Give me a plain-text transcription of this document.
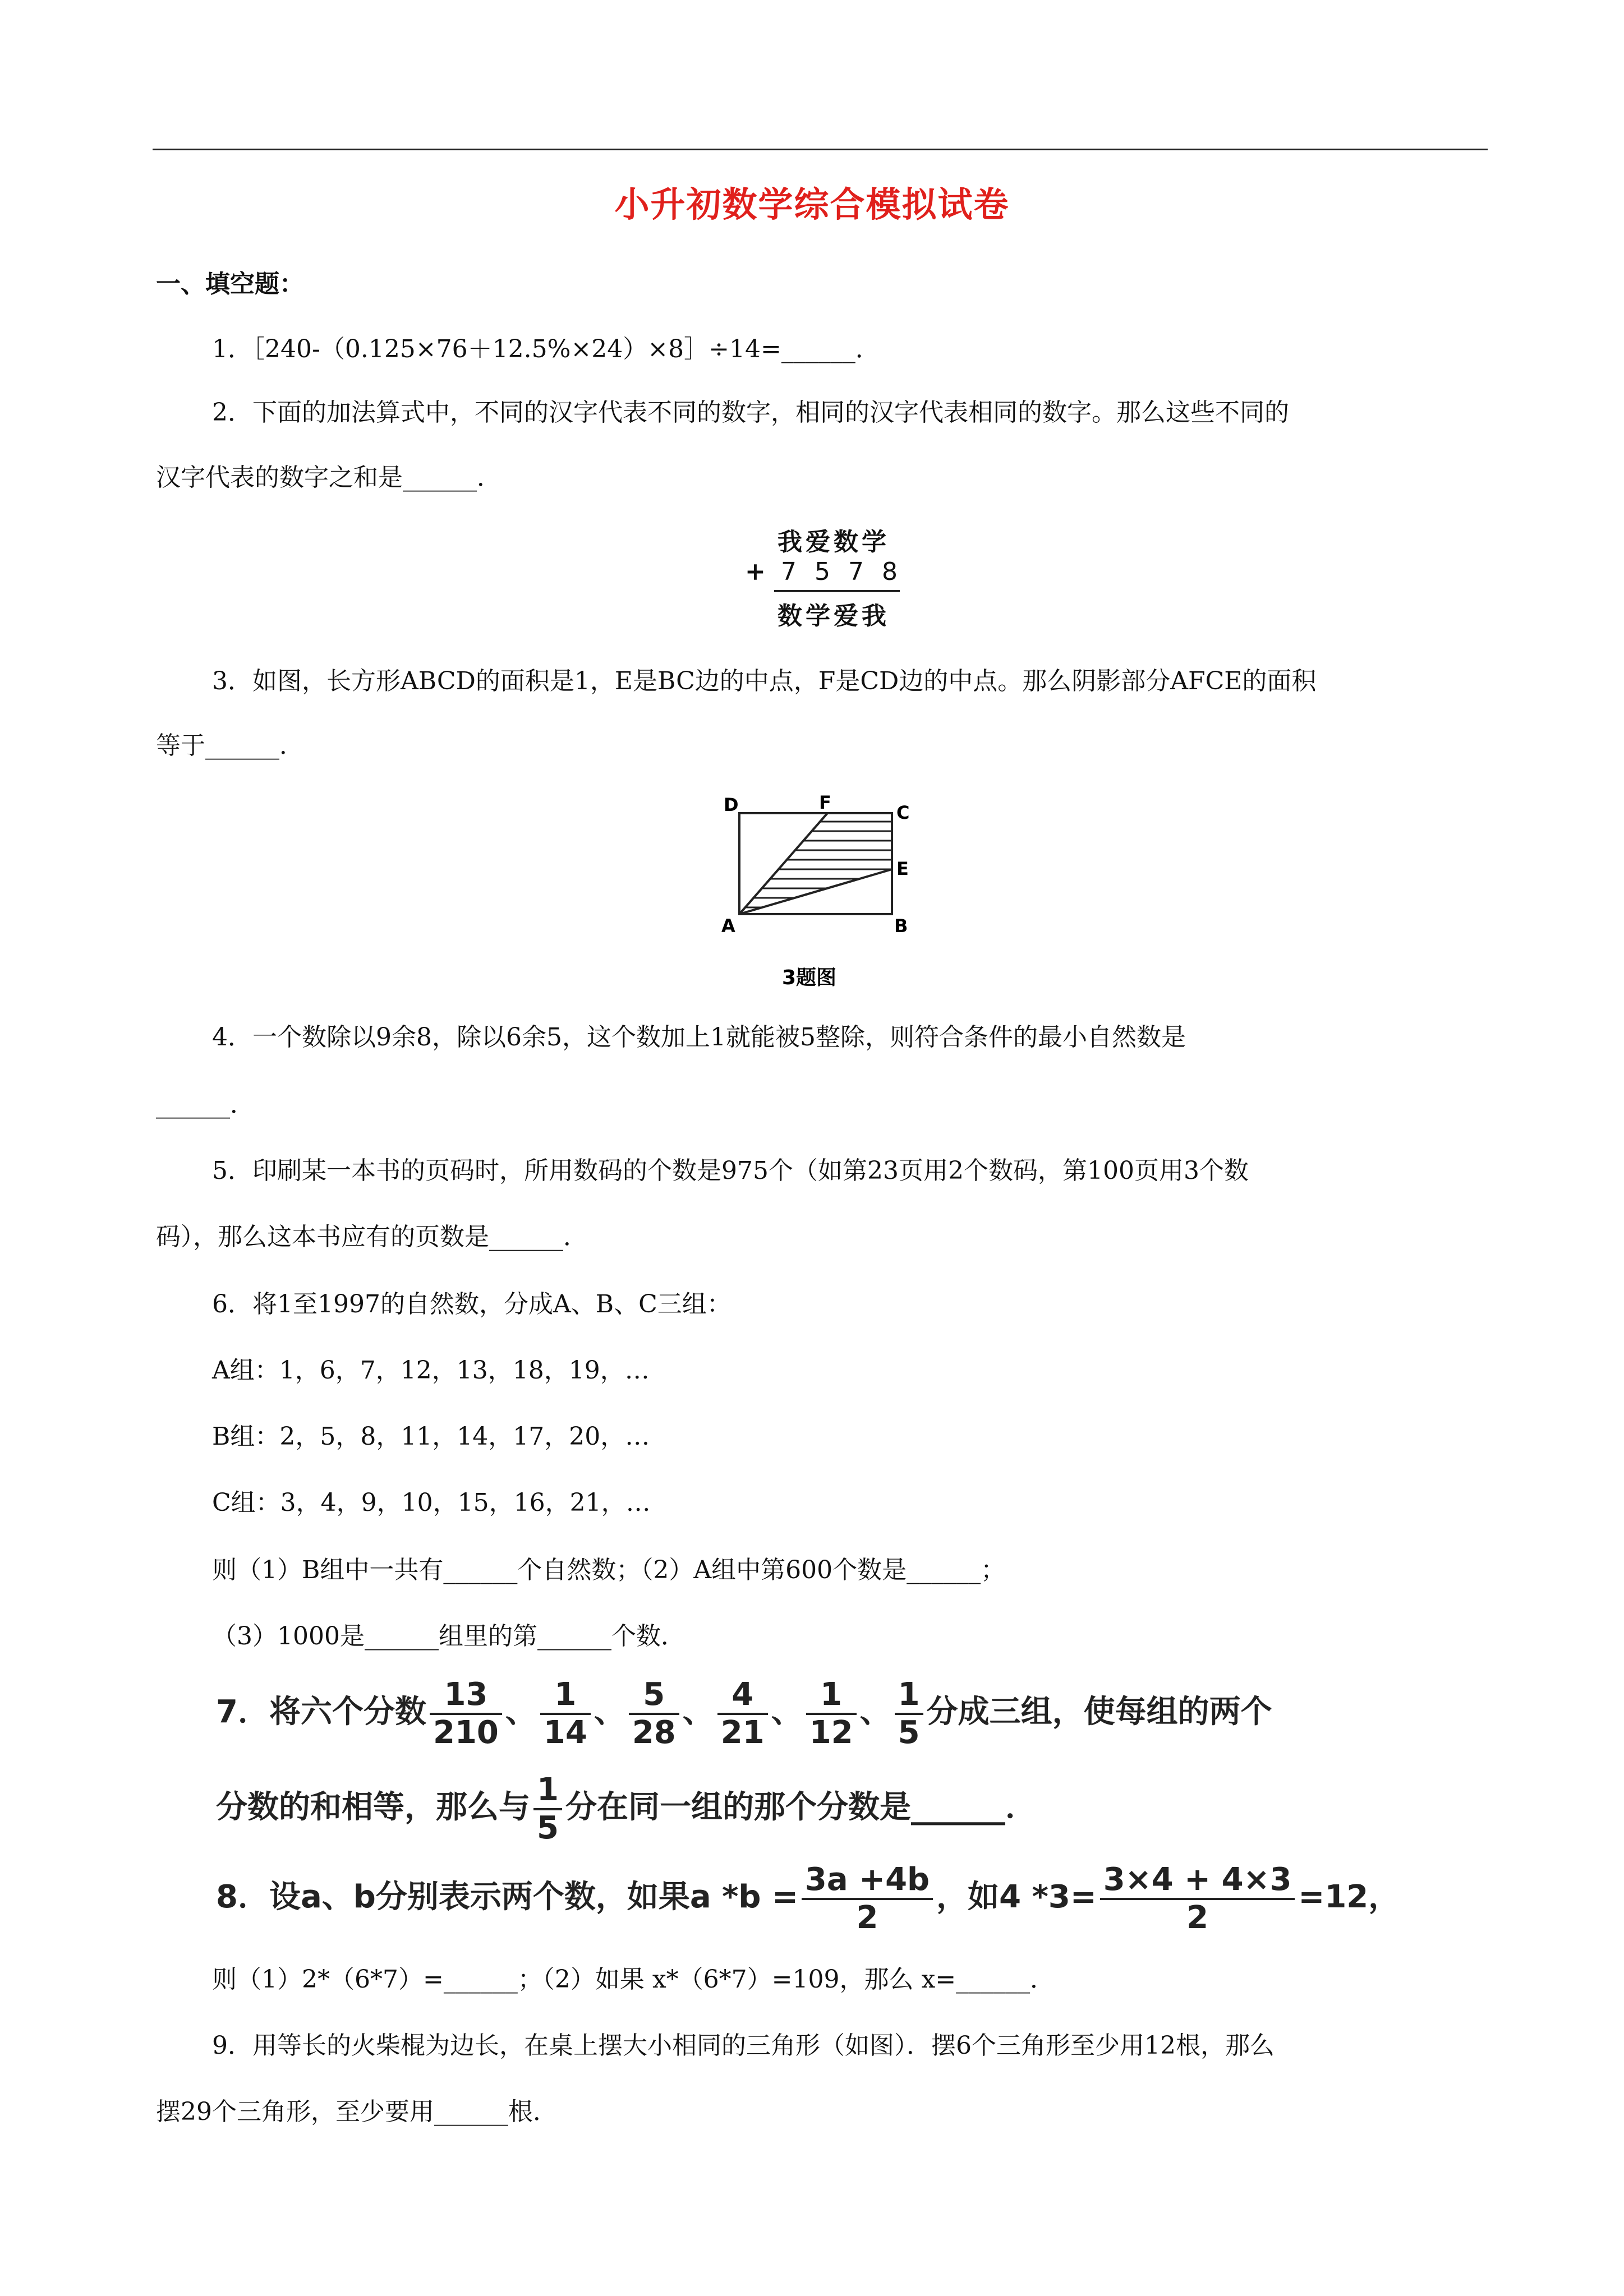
小升初数学综合模拟试卷
一、填空题：
1．［240-（0.125×76＋12.5%×24）×8］÷14=______．
2．下面的加法算式中，不同的汉字代表不同的数字，相同的汉字代表相同的数字。那么这些不同的
汉字代表的数字之和是______．
我爱数学
+ 7578
数学爱我
3．如图，长方形ABCD的面积是1，E是BC边的中点，F是CD边的中点。那么阴影部分AFCE的面积
等于______．
D	F	C
E
A	B
3题图
4．一个数除以9余8，除以6余5，这个数加上1就能被5整除，则符合条件的最小自然数是
______．
5．印刷某一本书的页码时，所用数码的个数是975个（如第23页用2个数码，第100页用3个数
码），那么这本书应有的页数是______．
6．将1至1997的自然数，分成A、B、C三组：
A组：1，6，7，12，13，18，19，…
B组：2，5，8，11，14，17，20，…
C组：3，4，9，10，15，16，21，…
则（1）B组中一共有______个自然数；（2）A组中第600个数是______；
（3）1000是______组里的第______个数．
7．将六个分数 $\frac{13}{210}$ 、 $\frac{1}{14}$ 、 $\frac{5}{28}$ 、 $\frac{4}{21}$ 、 $\frac{1}{12}$ 、 $\frac{1}{5}$ 分成三组，使每组的两个
分数的和相等，那么与 $\frac{1}{5}$ 分在同一组的那个分数是______．
8．设a、b分别表示两个数，如果a $*b = \frac{3a +4b}{2}$ ，如4 $*3= \frac{3\times 4 + 4\times 3}{2} =12$，
则（1）2*（6*7）=______；（2）如果 x*（6*7）=109，那么 x=______．
9．用等长的火柴棍为边长，在桌上摆大小相同的三角形（如图）．摆6个三角形至少用12根，那么
摆29个三角形，至少要用______根．
